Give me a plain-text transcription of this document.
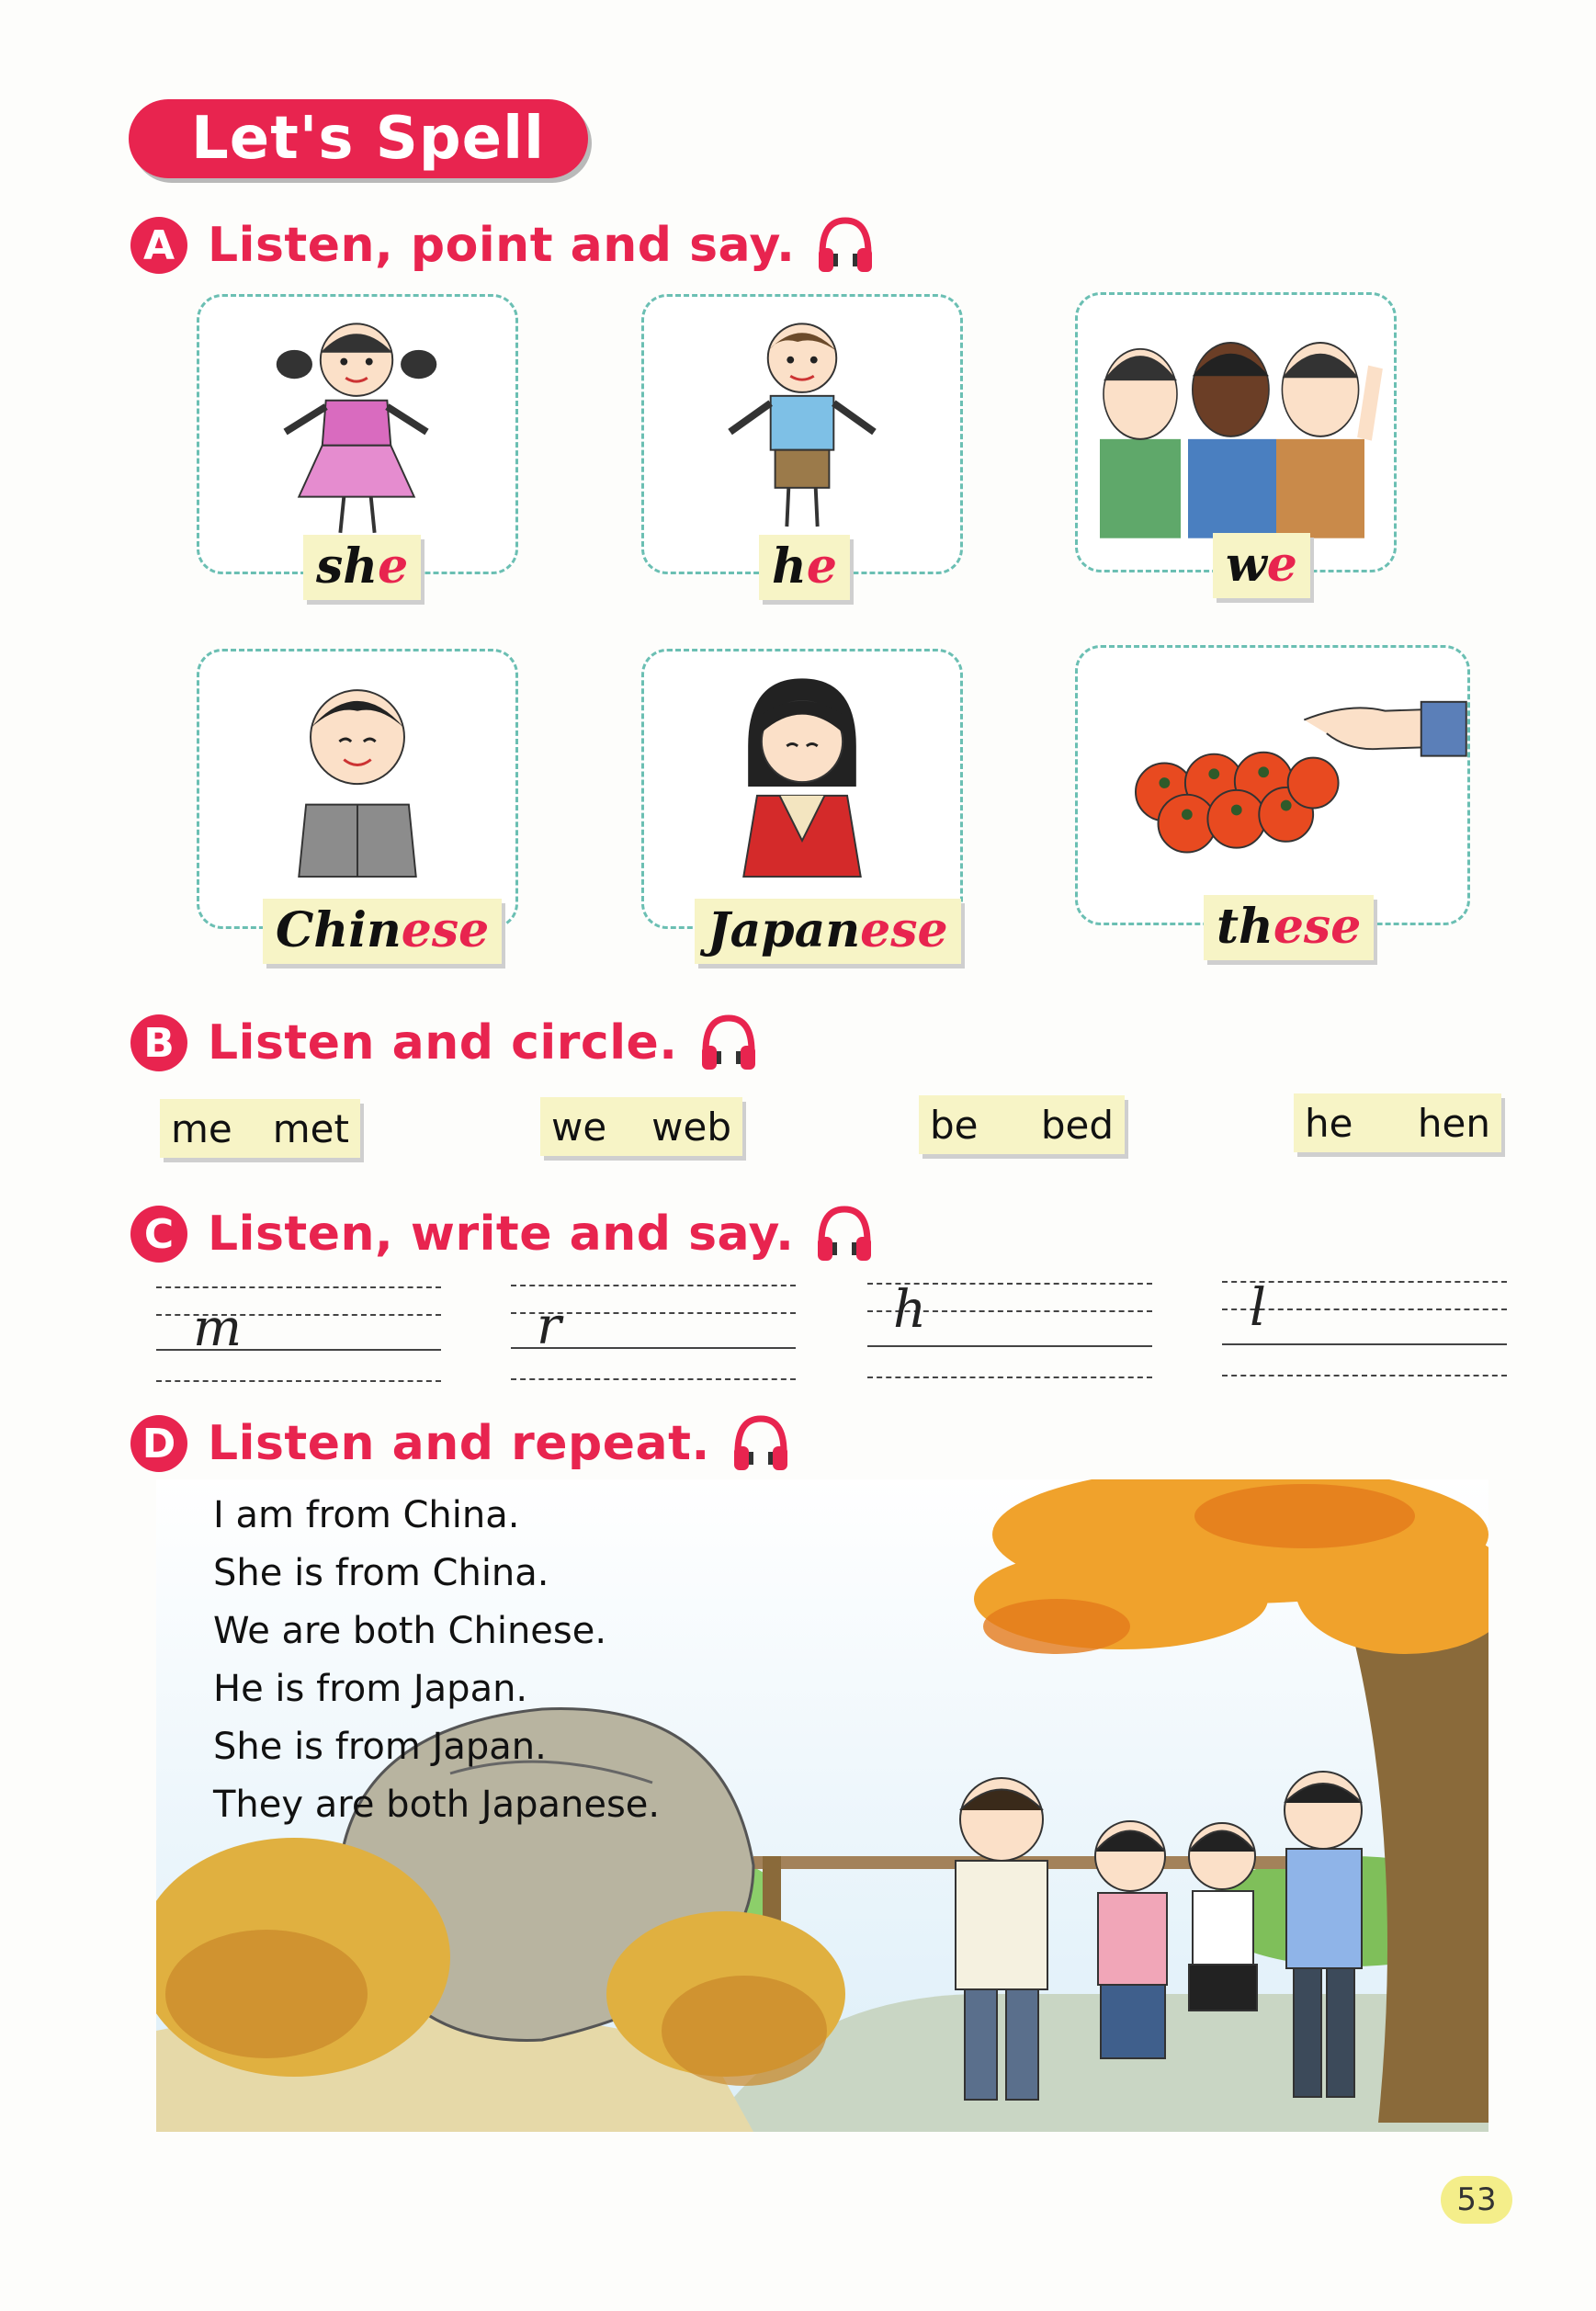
Let's Spell
A Listen, point and say.
she	he	we
Chinese	Japanese	these
B Listen and circle.
me met	we web	be bed	he hen
C Listen, write and say.
m	r	h	l
D Listen and repeat.
I am from China.
She is from China.
We are both Chinese.
He is from Japan.
She is from Japan.
They are both Japanese.
53
